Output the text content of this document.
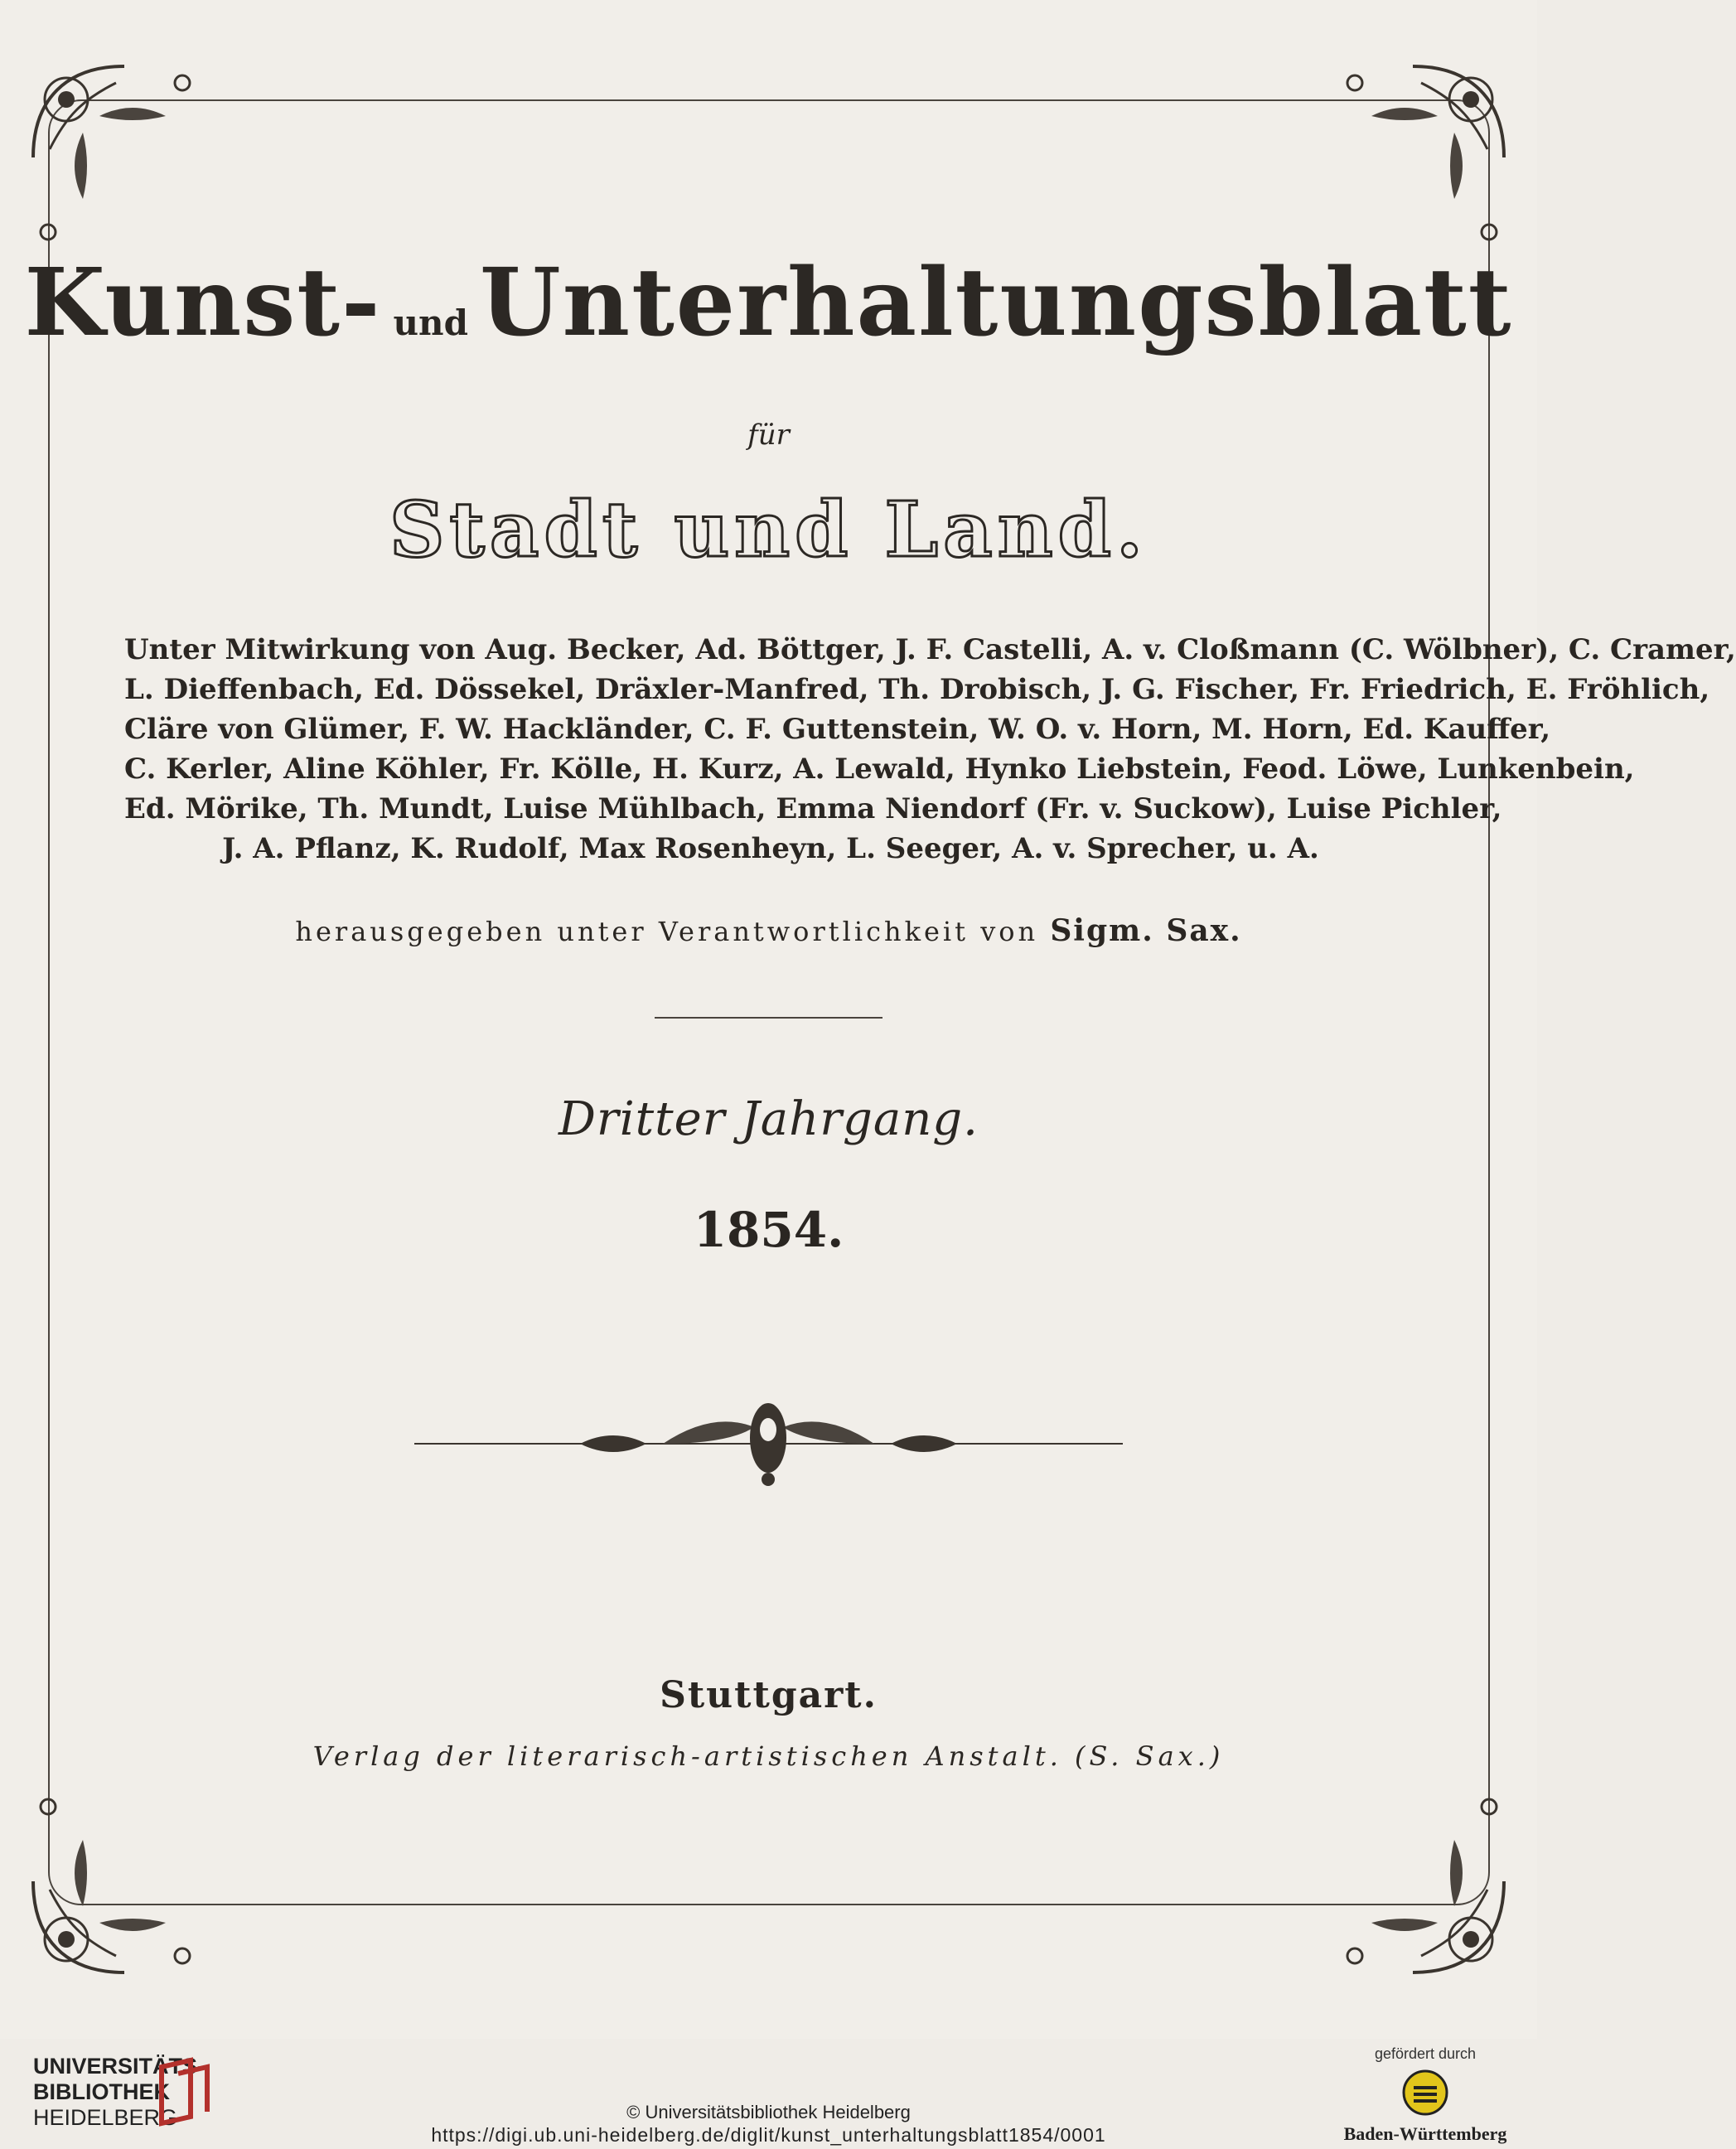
Kunst- und Unterhaltungsblatt
für
Stadt und Land.
Unter Mitwirkung von Aug. Becker, Ad. Böttger, J. F. Castelli, A. v. Cloßmann (C. Wölbner), C. Cramer,
L. Dieffenbach, Ed. Dössekel, Dräxler-Manfred, Th. Drobisch, J. G. Fischer, Fr. Friedrich, E. Fröhlich,
Cläre von Glümer, F. W. Hackländer, C. F. Guttenstein, W. O. v. Horn, M. Horn, Ed. Kauffer,
C. Kerler, Aline Köhler, Fr. Kölle, H. Kurz, A. Lewald, Hynko Liebstein, Feod. Löwe, Lunkenbein,
Ed. Mörike, Th. Mundt, Luise Mühlbach, Emma Niendorf (Fr. v. Suckow), Luise Pichler,
J. A. Pflanz, K. Rudolf, Max Rosenheyn, L. Seeger, A. v. Sprecher, u. A.
herausgegeben unter Verantwortlichkeit von Sigm. Sax.
Dritter Jahrgang.
1854.
Stuttgart.
Verlag der literarisch-artistischen Anstalt. (S. Sax.)
UNIVERSITÄTS-
BIBLIOTHEK
HEIDELBERG	© Universitätsbibliothek Heidelberg
https://digi.ub.uni-heidelberg.de/diglit/kunst_unterhaltungsblatt1854/0001
gefördert durch
Baden-Württemberg
